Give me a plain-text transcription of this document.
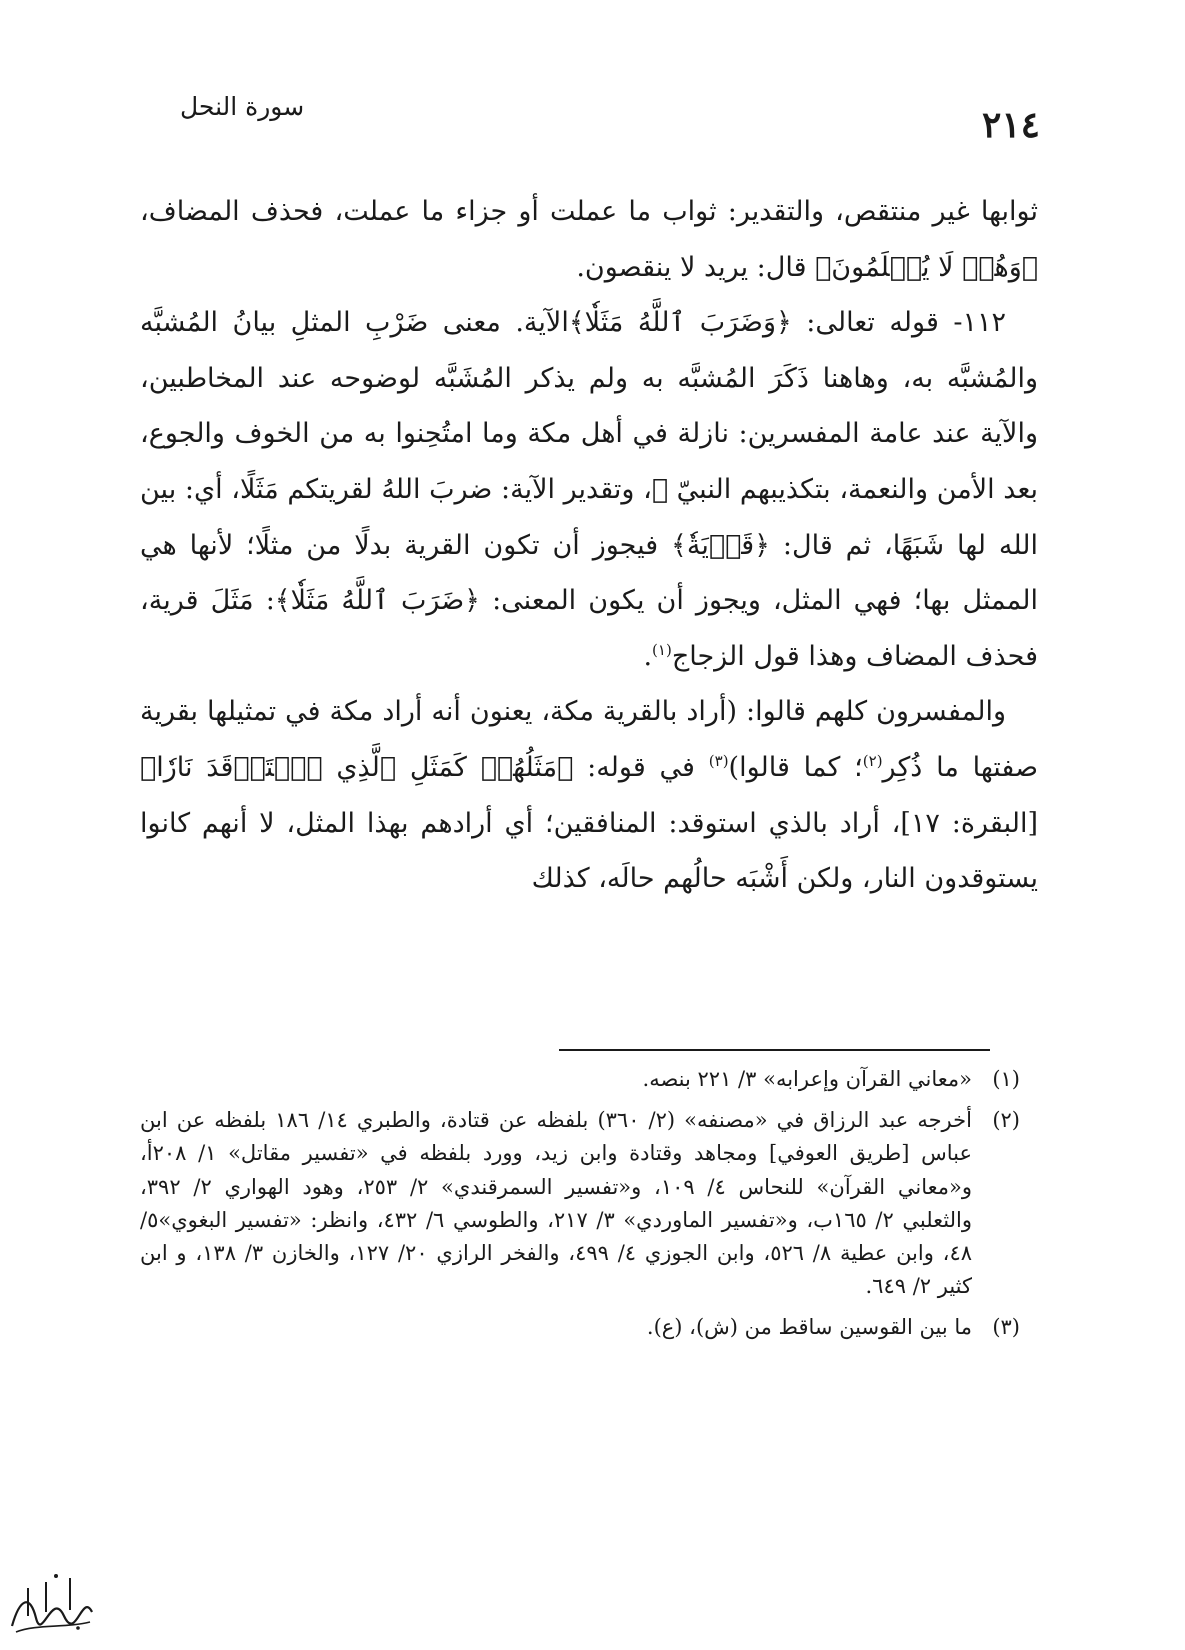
سورة النحل	٢١٤

ثوابها غير منتقص، والتقدير: ثواب ما عملت أو جزاء ما عملت، فحذف المضاف، ﴿وَهُمۡ لَا يُظۡلَمُونَ﴾ قال: يريد لا ينقصون.

١١٢- قوله تعالى: ﴿وَضَرَبَ ٱللَّهُ مَثَلٗا﴾الآية. معنى ضَرْبِ المثلِ بيانُ المُشبَّه والمُشبَّه به، وهاهنا ذَكَرَ المُشبَّه به ولم يذكر المُشَبَّه لوضوحه عند المخاطبين، والآية عند عامة المفسرين: نازلة في أهل مكة وما امتُحِنوا به من الخوف والجوع، بعد الأمن والنعمة، بتكذيبهم النبيّ ﷺ، وتقدير الآية: ضربَ اللهُ لقريتكم مَثَلًا، أي: بين الله لها شَبَهًا، ثم قال: ﴿قَرۡيَةٗ﴾ فيجوز أن تكون القرية بدلًا من مثلًا؛ لأنها هي الممثل بها؛ فهي المثل، ويجوز أن يكون المعنى: ﴿ضَرَبَ ٱللَّهُ مَثَلٗا﴾: مَثَلَ قرية، فحذف المضاف وهذا قول الزجاج$^{(١)}$.

والمفسرون كلهم قالوا: (أراد بالقرية مكة، يعنون أنه أراد مكة في تمثيلها بقرية صفتها ما ذُكِر$^{(٢)}$؛ كما قالوا)$^{(٣)}$ في قوله: ﴿مَثَلُهُمۡ كَمَثَلِ ٱلَّذِي ٱسۡتَوۡقَدَ نَارٗا﴾ [البقرة: ١٧]، أراد بالذي استوقد: المنافقين؛ أي أرادهم بهذا المثل، لا أنهم كانوا يستوقدون النار، ولكن أَشْبَه حالُهم حالَه، كذلك

(١)
«معاني القرآن وإعرابه» ٣/ ٢٢١ بنصه.
(٢)
أخرجه عبد الرزاق في «مصنفه» (٢/ ٣٦٠) بلفظه عن قتادة، والطبري ١٤/ ١٨٦ بلفظه عن ابن عباس [طريق العوفي] ومجاهد وقتادة وابن زيد، وورد بلفظه في «تفسير مقاتل» ١/ ٢٠٨أ، و«معاني القرآن» للنحاس ٤/ ١٠٩، و«تفسير السمرقندي» ٢/ ٢٥٣، وهود الهواري ٢/ ٣٩٢، والثعلبي ٢/ ١٦٥ب، و«تفسير الماوردي» ٣/ ٢١٧، والطوسي ٦/ ٤٣٢، وانظر: «تفسير البغوي»٥/ ٤٨، وابن عطية ٨/ ٥٢٦، وابن الجوزي ٤/ ٤٩٩، والفخر الرازي ٢٠/ ١٢٧، والخازن ٣/ ١٣٨، و ابن كثير ٢/ ٦٤٩.
(٣)
ما بين القوسين ساقط من (ش)، (ع).
